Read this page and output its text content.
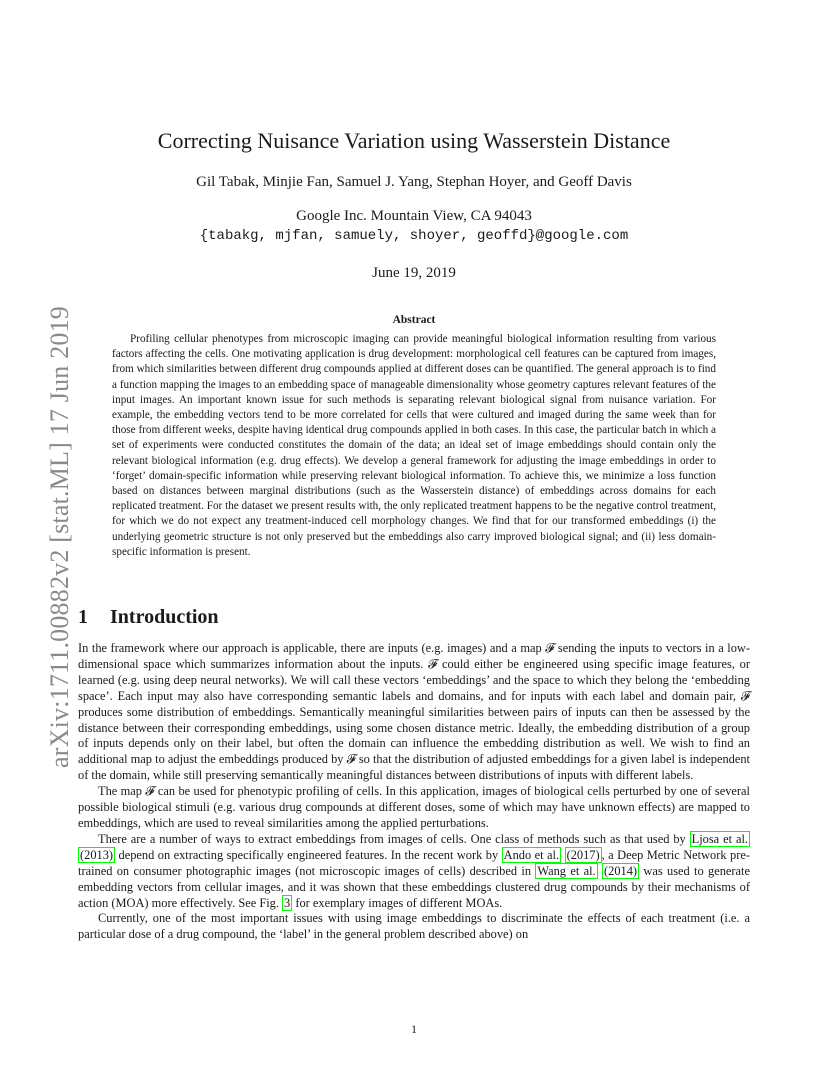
arXiv:1711.00882v2 [stat.ML] 17 Jun 2019
Correcting Nuisance Variation using Wasserstein Distance
Gil Tabak, Minjie Fan, Samuel J. Yang, Stephan Hoyer, and Geoff Davis
Google Inc. Mountain View, CA 94043
{tabakg, mjfan, samuely, shoyer, geoffd}@google.com
June 19, 2019
Abstract

Profiling cellular phenotypes from microscopic imaging can provide meaningful biological information resulting from various factors affecting the cells. One motivating application is drug development: morphological cell features can be captured from images, from which similarities between different drug compounds applied at different doses can be quantified. The general approach is to find a function mapping the images to an embedding space of manageable dimensionality whose geometry captures relevant features of the input images. An important known issue for such methods is separating relevant biological signal from nuisance variation. For example, the embedding vectors tend to be more correlated for cells that were cultured and imaged during the same week than for those from different weeks, despite having identical drug compounds applied in both cases. In this case, the particular batch in which a set of experiments were conducted constitutes the domain of the data; an ideal set of image embeddings should contain only the relevant biological information (e.g. drug effects). We develop a general framework for adjusting the image embeddings in order to ‘forget’ domain-specific information while preserving relevant biological information. To achieve this, we minimize a loss function based on distances between marginal distributions (such as the Wasserstein distance) of embeddings across domains for each replicated treatment. For the dataset we present results with, the only replicated treatment happens to be the negative control treatment, for which we do not expect any treatment-induced cell morphology changes. We find that for our transformed embeddings (i) the underlying geometric structure is not only preserved but the embeddings also carry improved biological signal; and (ii) less domain-specific information is present.

1 Introduction

In the framework where our approach is applicable, there are inputs (e.g. images) and a map 𝓕 sending the inputs to vectors in a low-dimensional space which summarizes information about the inputs. 𝓕 could either be engineered using specific image features, or learned (e.g. using deep neural networks). We will call these vectors ‘embeddings’ and the space to which they belong the ‘embedding space’. Each input may also have corresponding semantic labels and domains, and for inputs with each label and domain pair, 𝓕 produces some distribution of embeddings. Semantically meaningful similarities between pairs of inputs can then be assessed by the distance between their corresponding embeddings, using some chosen distance metric. Ideally, the embedding distribution of a group of inputs depends only on their label, but often the domain can influence the embedding distribution as well. We wish to find an additional map to adjust the embeddings produced by 𝓕 so that the distribution of adjusted embeddings for a given label is independent of the domain, while still preserving semantically meaningful distances between distributions of inputs with different labels.

The map 𝓕 can be used for phenotypic profiling of cells. In this application, images of biological cells perturbed by one of several possible biological stimuli (e.g. various drug compounds at different doses, some of which may have unknown effects) are mapped to embeddings, which are used to reveal similarities among the applied perturbations.

There are a number of ways to extract embeddings from images of cells. One class of methods such as that used by Ljosa et al. (2013) depend on extracting specifically engineered features. In the recent work by Ando et al. (2017) , a Deep Metric Network pre-trained on consumer photographic images (not microscopic images of cells) described in Wang et al. (2014) was used to generate embedding vectors from cellular images, and it was shown that these embeddings clustered drug compounds by their mechanisms of action (MOA) more effectively. See Fig. 3 for exemplary images of different MOAs.

Currently, one of the most important issues with using image embeddings to discriminate the effects of each treatment (i.e. a particular dose of a drug compound, the ‘label’ in the general problem described above) on

1
